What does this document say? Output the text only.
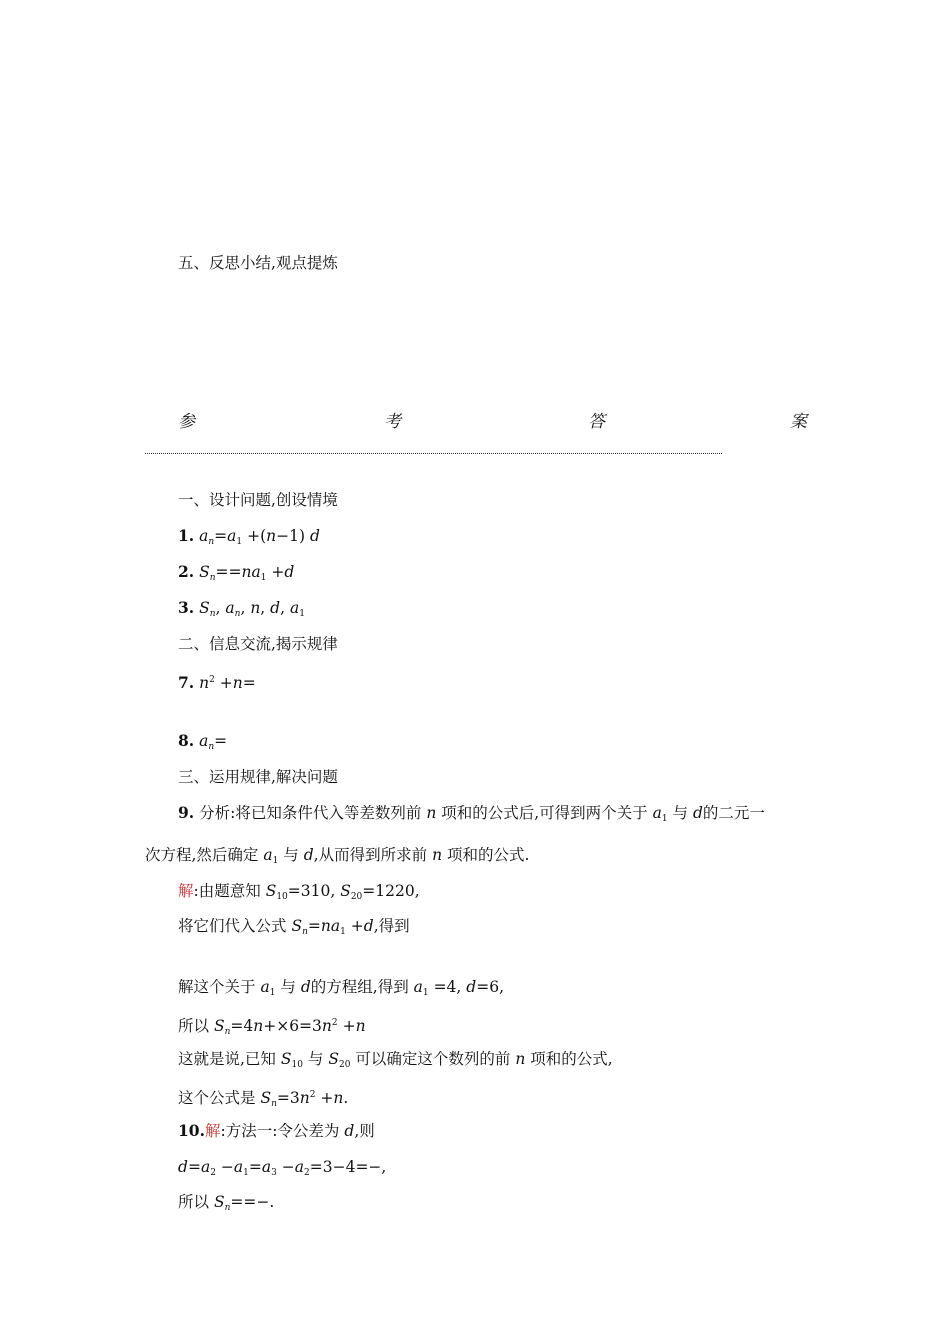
五、反思小结,观点提炼
参	考	答	案
一、设计问题,创设情境
1. $a_n=a_1 +(n-1)$ d
2. $S_n==na_1 +d$
3. $S_n$, $a_n$, n, d, $a_1$
二、信息交流,揭示规律
7. $n^2 +n=$
8. $a_n=$
三、运用规律,解决问题
9. 分析:将已知条件代入等差数列前 n 项和的公式后,可得到两个关于 $a_1$ 与 d的二元一
次方程,然后确定 $a_1$ 与 d,从而得到所求前 n 项和的公式.
解:由题意知 $S_{10}=310$, $S_{20}=1220$,
将它们代入公式 $S_n=na_1 +d$,得到
解这个关于 $a_1$ 与 d的方程组,得到 $a_1 =4$, d=6,
所以 $S_n=4n+\times 6=3n^2 +n$
这就是说,已知 $S_{10}$ 与 $S_{20}$ 可以确定这个数列的前 n 项和的公式,
这个公式是 $S_n=3n^2 +n$.
10.解:方法一:令公差为 d,则
$d=a_2 -a_1=a_3 -a_2=3-4=-$,
所以 $S_n==-$.
